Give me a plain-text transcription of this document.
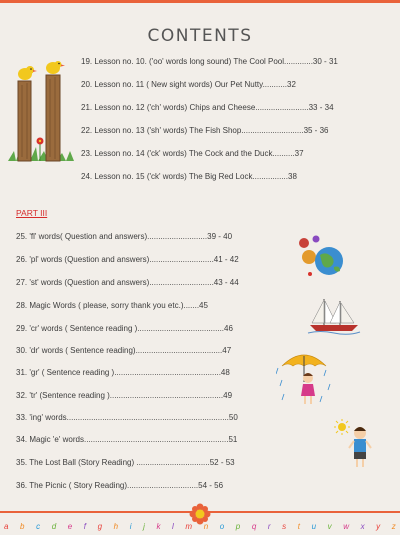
CONTENTS
19. Lesson no. 10. ('oo' words long sound) The Cool Pool.............30 - 31
20. Lesson no. 11 ( New sight words) Our Pet Nutty...........32
21. Lesson no. 12 ('ch' words) Chips and Cheese........................33 - 34
22. Lesson no. 13 ('sh' words) The Fish Shop............................35 - 36
23. Lesson no. 14 ('ck' words) The Cock and the Duck..........37
24. Lesson no. 15 ('ck' words) The Big Red Lock................38
PART III
25. 'fl' words( Question and answers)...........................39 - 40
26. 'pl' words (Question and answers).............................41 - 42
27. 'st' words (Question and answers).............................43 - 44
28. Magic Words ( please, sorry thank you etc.).......45
29. 'cr' words ( Sentence reading ).......................................46
30. 'dr' words ( Sentence reading).......................................47
31. 'gr' ( Sentence reading )................................................48
32. 'tr' (Sentence reading )...................................................49
33. 'ing' words.........................................................................50
34. Magic 'e' words.................................................................51
35. The Lost Ball (Story Reading) .................................52 - 53
36. The Picnic ( Story Reading)................................54 - 56
a b c d e f g h i j k l m n o p q r s t u v w x y z
